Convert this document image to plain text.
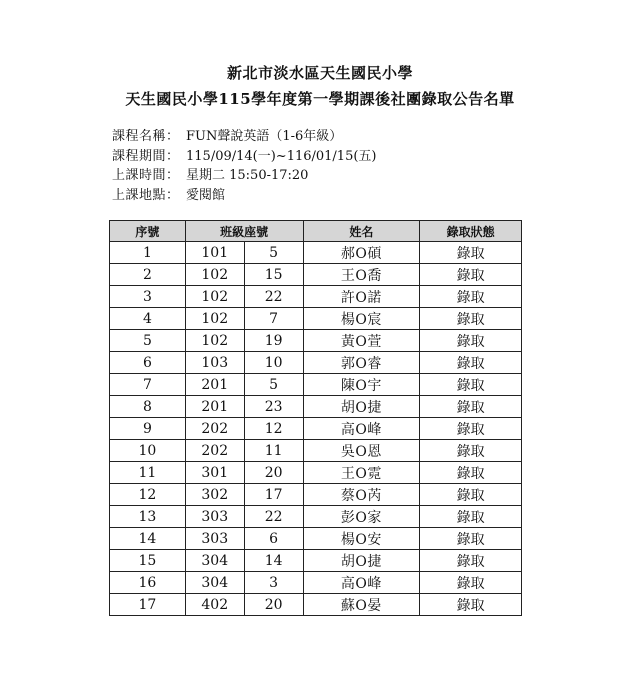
新北市淡水區天生國民小學
天生國民小學115學年度第一學期課後社團錄取公告名單
課程名稱： FUN聲說英語（1-6年級）
課程期間： 115/09/14(一)~116/01/15(五)
上課時間： 星期二 15:50-17:20
上課地點： 愛閱館
序號	班級座號		姓名	錄取狀態
1	101	5	郝O碩	錄取
2	102	15	王O喬	錄取
3	102	22	許O諾	錄取
4	102	7	楊O宸	錄取
5	102	19	黃O萱	錄取
6	103	10	郭O睿	錄取
7	201	5	陳O宇	錄取
8	201	23	胡O捷	錄取
9	202	12	高O峰	錄取
10	202	11	吳O恩	錄取
11	301	20	王O霓	錄取
12	302	17	蔡O芮	錄取
13	303	22	彭O家	錄取
14	303	6	楊O安	錄取
15	304	14	胡O捷	錄取
16	304	3	高O峰	錄取
17	402	20	蘇O晏	錄取
